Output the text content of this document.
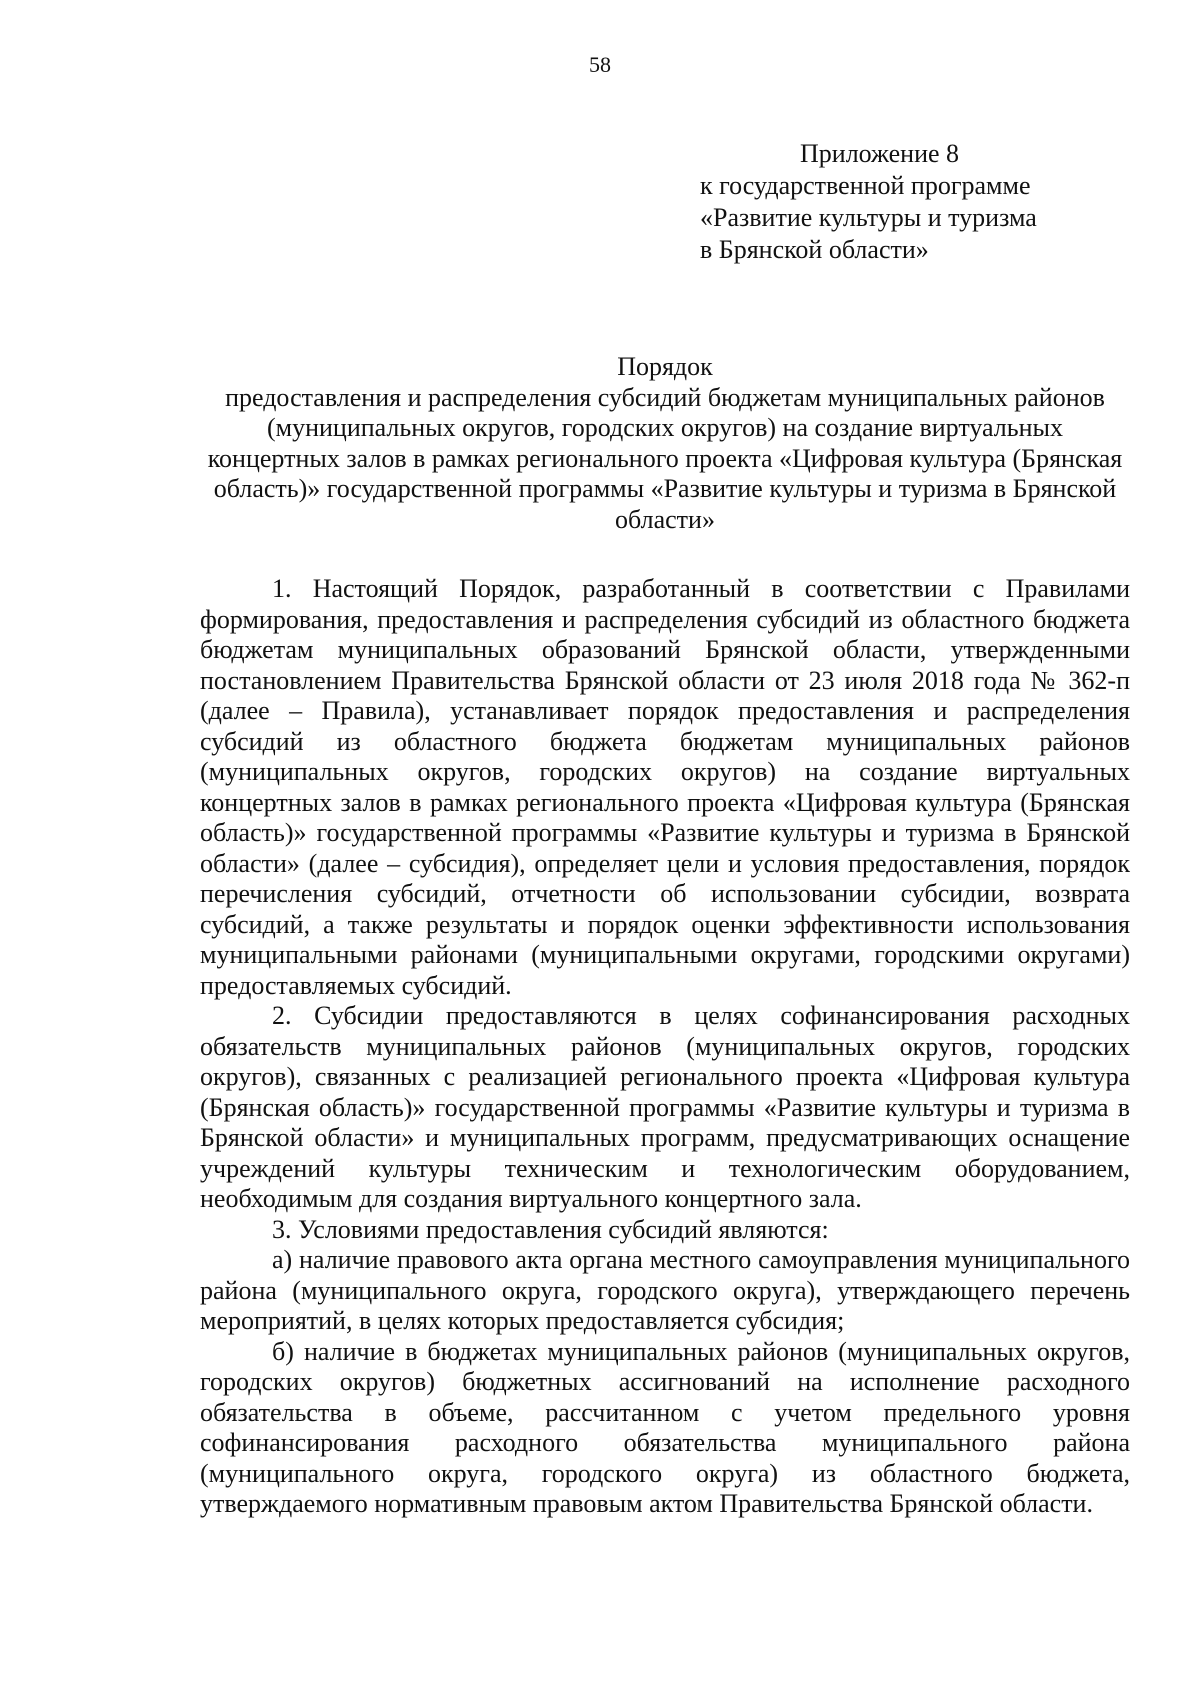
58
Приложение 8
к государственной программе
«Развитие культуры и туризма
в Брянской области»
Порядок
предоставления и распределения субсидий бюджетам муниципальных районов (муниципальных округов, городских округов) на создание виртуальных концертных залов в рамках регионального проекта «Цифровая культура (Брянская область)» государственной программы «Развитие культуры и туризма в Брянской области»

1. Настоящий Порядок, разработанный в соответствии с Правилами формирования, предоставления и распределения субсидий из областного бюджета бюджетам муниципальных образований Брянской области, утвержденными постановлением Правительства Брянской области от 23 июля 2018 года № 362-п (далее – Правила), устанавливает порядок предоставления и распределения субсидий из областного бюджета бюджетам муниципальных районов (муниципальных округов, городских округов) на создание виртуальных концертных залов в рамках регионального проекта «Цифровая культура (Брянская область)» государственной программы «Развитие культуры и туризма в Брянской области» (далее – субсидия), определяет цели и условия предоставления, порядок перечисления субсидий, отчетности об использовании субсидии, возврата субсидий, а также результаты и порядок оценки эффективности использования муниципальными районами (муниципальными округами, городскими округами) предоставляемых субсидий.

2. Субсидии предоставляются в целях софинансирования расходных обязательств муниципальных районов (муниципальных округов, городских округов), связанных с реализацией регионального проекта «Цифровая культура (Брянская область)» государственной программы «Развитие культуры и туризма в Брянской области» и муниципальных программ, предусматривающих оснащение учреждений культуры техническим и технологическим оборудованием, необходимым для создания виртуального концертного зала.

3. Условиями предоставления субсидий являются:

а) наличие правового акта органа местного самоуправления муниципального района (муниципального округа, городского округа), утверждающего перечень мероприятий, в целях которых предоставляется субсидия;

б) наличие в бюджетах муниципальных районов (муниципальных округов, городских округов) бюджетных ассигнований на исполнение расходного обязательства в объеме, рассчитанном с учетом предельного уровня софинансирования расходного обязательства муниципального района (муниципального округа, городского округа) из областного бюджета, утверждаемого нормативным правовым актом Правительства Брянской области.
